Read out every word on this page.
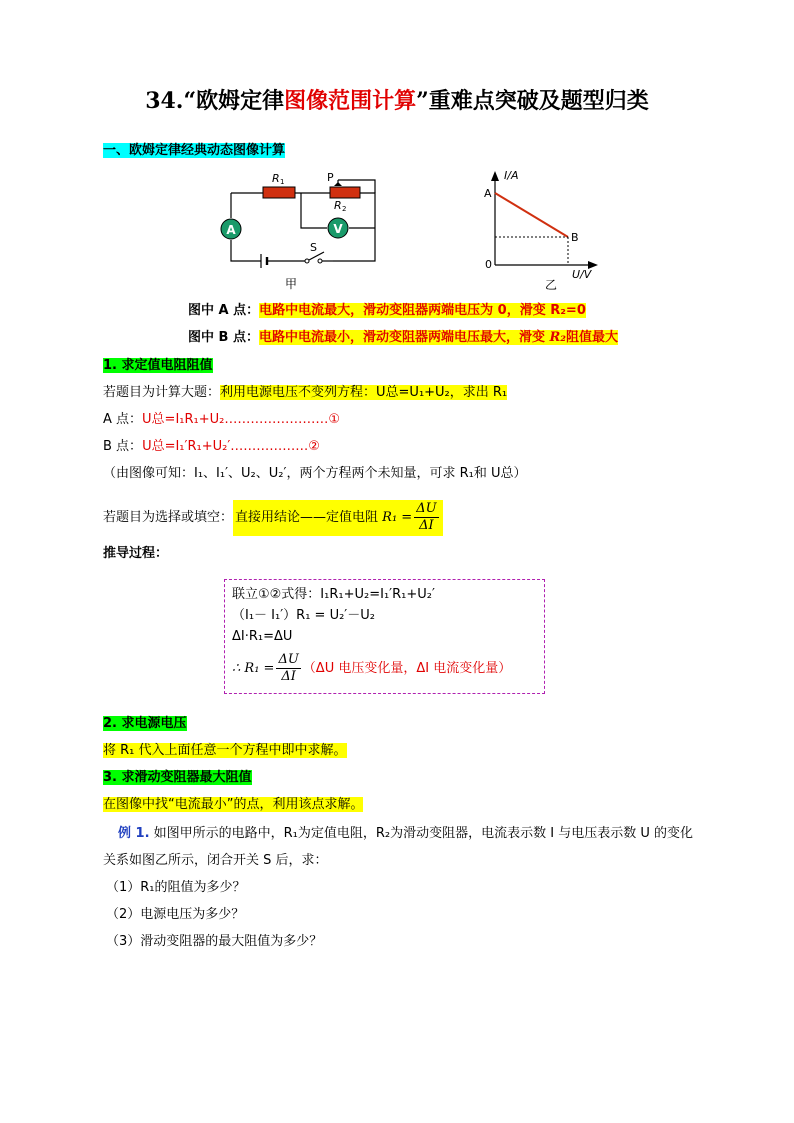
34.“欧姆定律图像范围计算”重难点突破及题型归类
一、欧姆定律经典动态图像计算
A	V
R 1	P
R 2
S
甲
I/A
U/V
A
B
0
乙
图中 A 点：电路中电流最大，滑动变阻器两端电压为 0，滑变 R₂=0
图中 B 点：电路中电流最小，滑动变阻器两端电压最大，滑变 R₂阻值最大
1. 求定值电阻阻值
若题目为计算大题：利用电源电压不变列方程：U总=U₁+U₂，求出 R₁
A 点：U总=I₁R₁+U₂……………………①
B 点：U总=I₁′R₁+U₂′………………②
（由图像可知：I₁、I₁′、U₂、U₂′，两个方程两个未知量，可求 R₁和 U总）
若题目为选择或填空： 直接用结论——定值电阻 $R_1 = \frac{\Delta U}{\Delta I}$
推导过程：
联立①②式得：I₁R₁+U₂=I₁′R₁+U₂′
（I₁－ I₁′）R₁ = U₂′－U₂
ΔI·R₁=ΔU
∴ $R_1 = \frac{\Delta U}{\Delta I} (\Delta U$ 电压变化量，ΔI 电流变化量）
2. 求电源电压
将 R₁ 代入上面任意一个方程中即中求解。
3. 求滑动变阻器最大阻值
在图像中找“电流最小”的点，利用该点求解。
例 1. 如图甲所示的电路中，R₁为定值电阻，R₂为滑动变阻器，电流表示数 I 与电压表示数 U 的变化
关系如图乙所示，闭合开关 S 后，求：
（1）R₁的阻值为多少？
（2）电源电压为多少？
（3）滑动变阻器的最大阻值为多少？
